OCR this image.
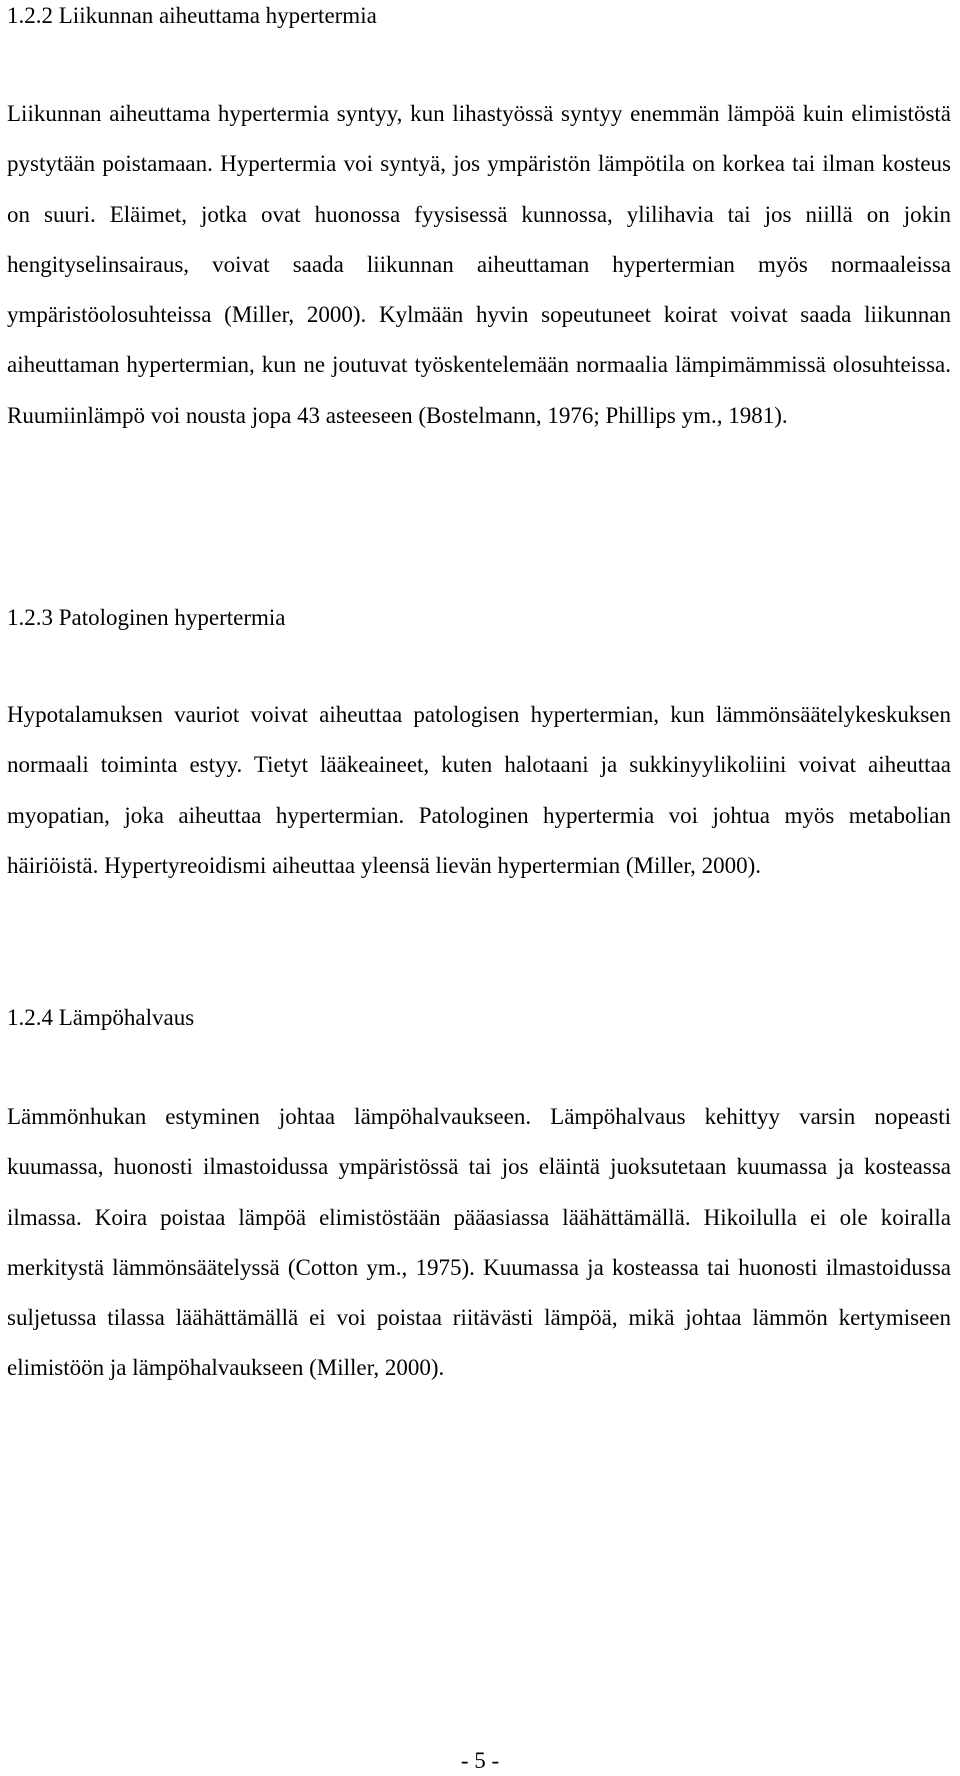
1.2.2 Liikunnan aiheuttama hypertermia

Liikunnan aiheuttama hypertermia syntyy, kun lihastyössä syntyy enemmän lämpöä kuin elimistöstä pystytään poistamaan. Hypertermia voi syntyä, jos ympäristön lämpötila on korkea tai ilman kosteus on suuri. Eläimet, jotka ovat huonossa fyysisessä kunnossa, ylilihavia tai jos niillä on jokin hengityselinsairaus, voivat saada liikunnan aiheuttaman hypertermian myös normaaleissa ympäristöolosuhteissa (Miller, 2000). Kylmään hyvin sopeutuneet koirat voivat saada liikunnan aiheuttaman hypertermian, kun ne joutuvat työskentelemään normaalia lämpimämmissä olosuhteissa. Ruumiinlämpö voi nousta jopa 43 asteeseen (Bostelmann, 1976; Phillips ym., 1981).

1.2.3 Patologinen hypertermia

Hypotalamuksen vauriot voivat aiheuttaa patologisen hypertermian, kun lämmönsäätelykeskuksen normaali toiminta estyy. Tietyt lääkeaineet, kuten halotaani ja sukkinyylikoliini voivat aiheuttaa myopatian, joka aiheuttaa hypertermian. Patologinen hypertermia voi johtua myös metabolian häiriöistä. Hypertyreoidismi aiheuttaa yleensä lievän hypertermian (Miller, 2000).

1.2.4 Lämpöhalvaus

Lämmönhukan estyminen johtaa lämpöhalvaukseen. Lämpöhalvaus kehittyy varsin nopeasti kuumassa, huonosti ilmastoidussa ympäristössä tai jos eläintä juoksutetaan kuumassa ja kosteassa ilmassa. Koira poistaa lämpöä elimistöstään pääasiassa läähättämällä. Hikoilulla ei ole koiralla merkitystä lämmönsäätelyssä (Cotton ym., 1975). Kuumassa ja kosteassa tai huonosti ilmastoidussa suljetussa tilassa läähättämällä ei voi poistaa riitävästi lämpöä, mikä johtaa lämmön kertymiseen elimistöön ja lämpöhalvaukseen (Miller, 2000).

- 5 -
